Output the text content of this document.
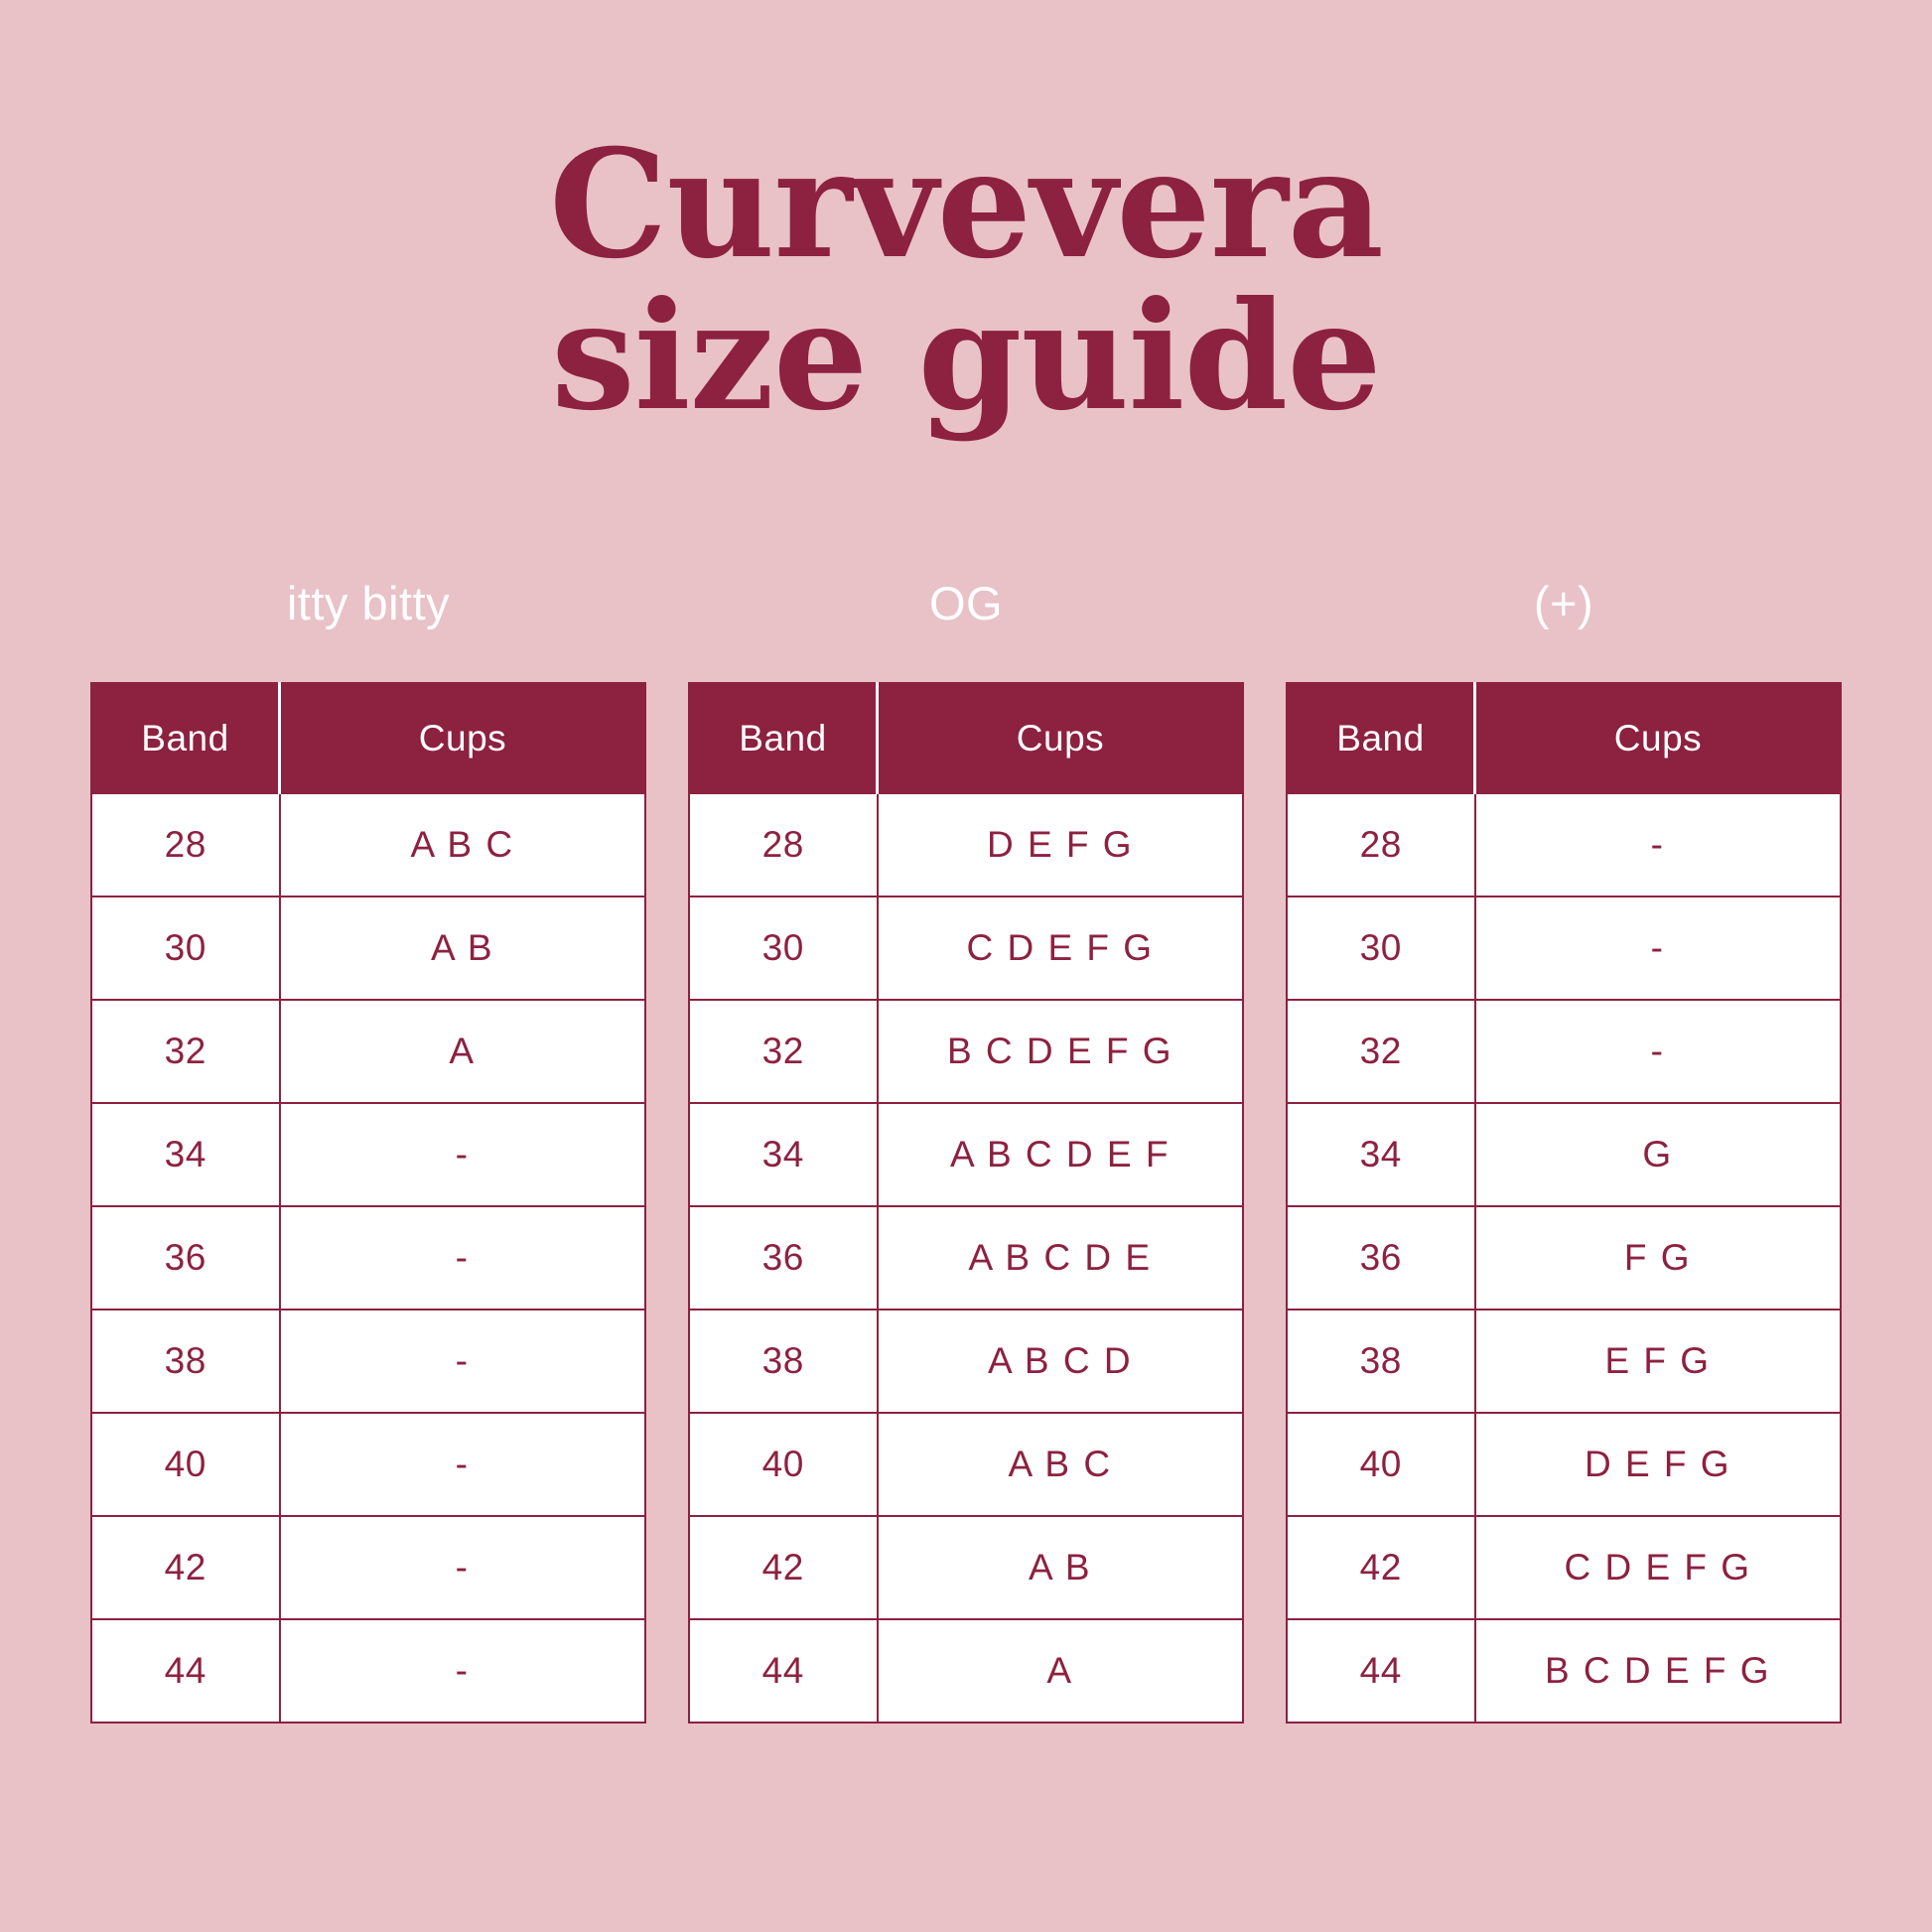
Curvevera
size guide
itty bitty
Band	Cups
28	A B C
30	A B
32	A
34	-
36	-
38	-
40	-
42	-
44	-
OG
Band	Cups
28	D E F G
30	C D E F G
32	B C D E F G
34	A B C D E F
36	A B C D E
38	A B C D
40	A B C
42	A B
44	A
(+)
Band	Cups
28	-
30	-
32	-
34	G
36	F G
38	E F G
40	D E F G
42	C D E F G
44	B C D E F G
